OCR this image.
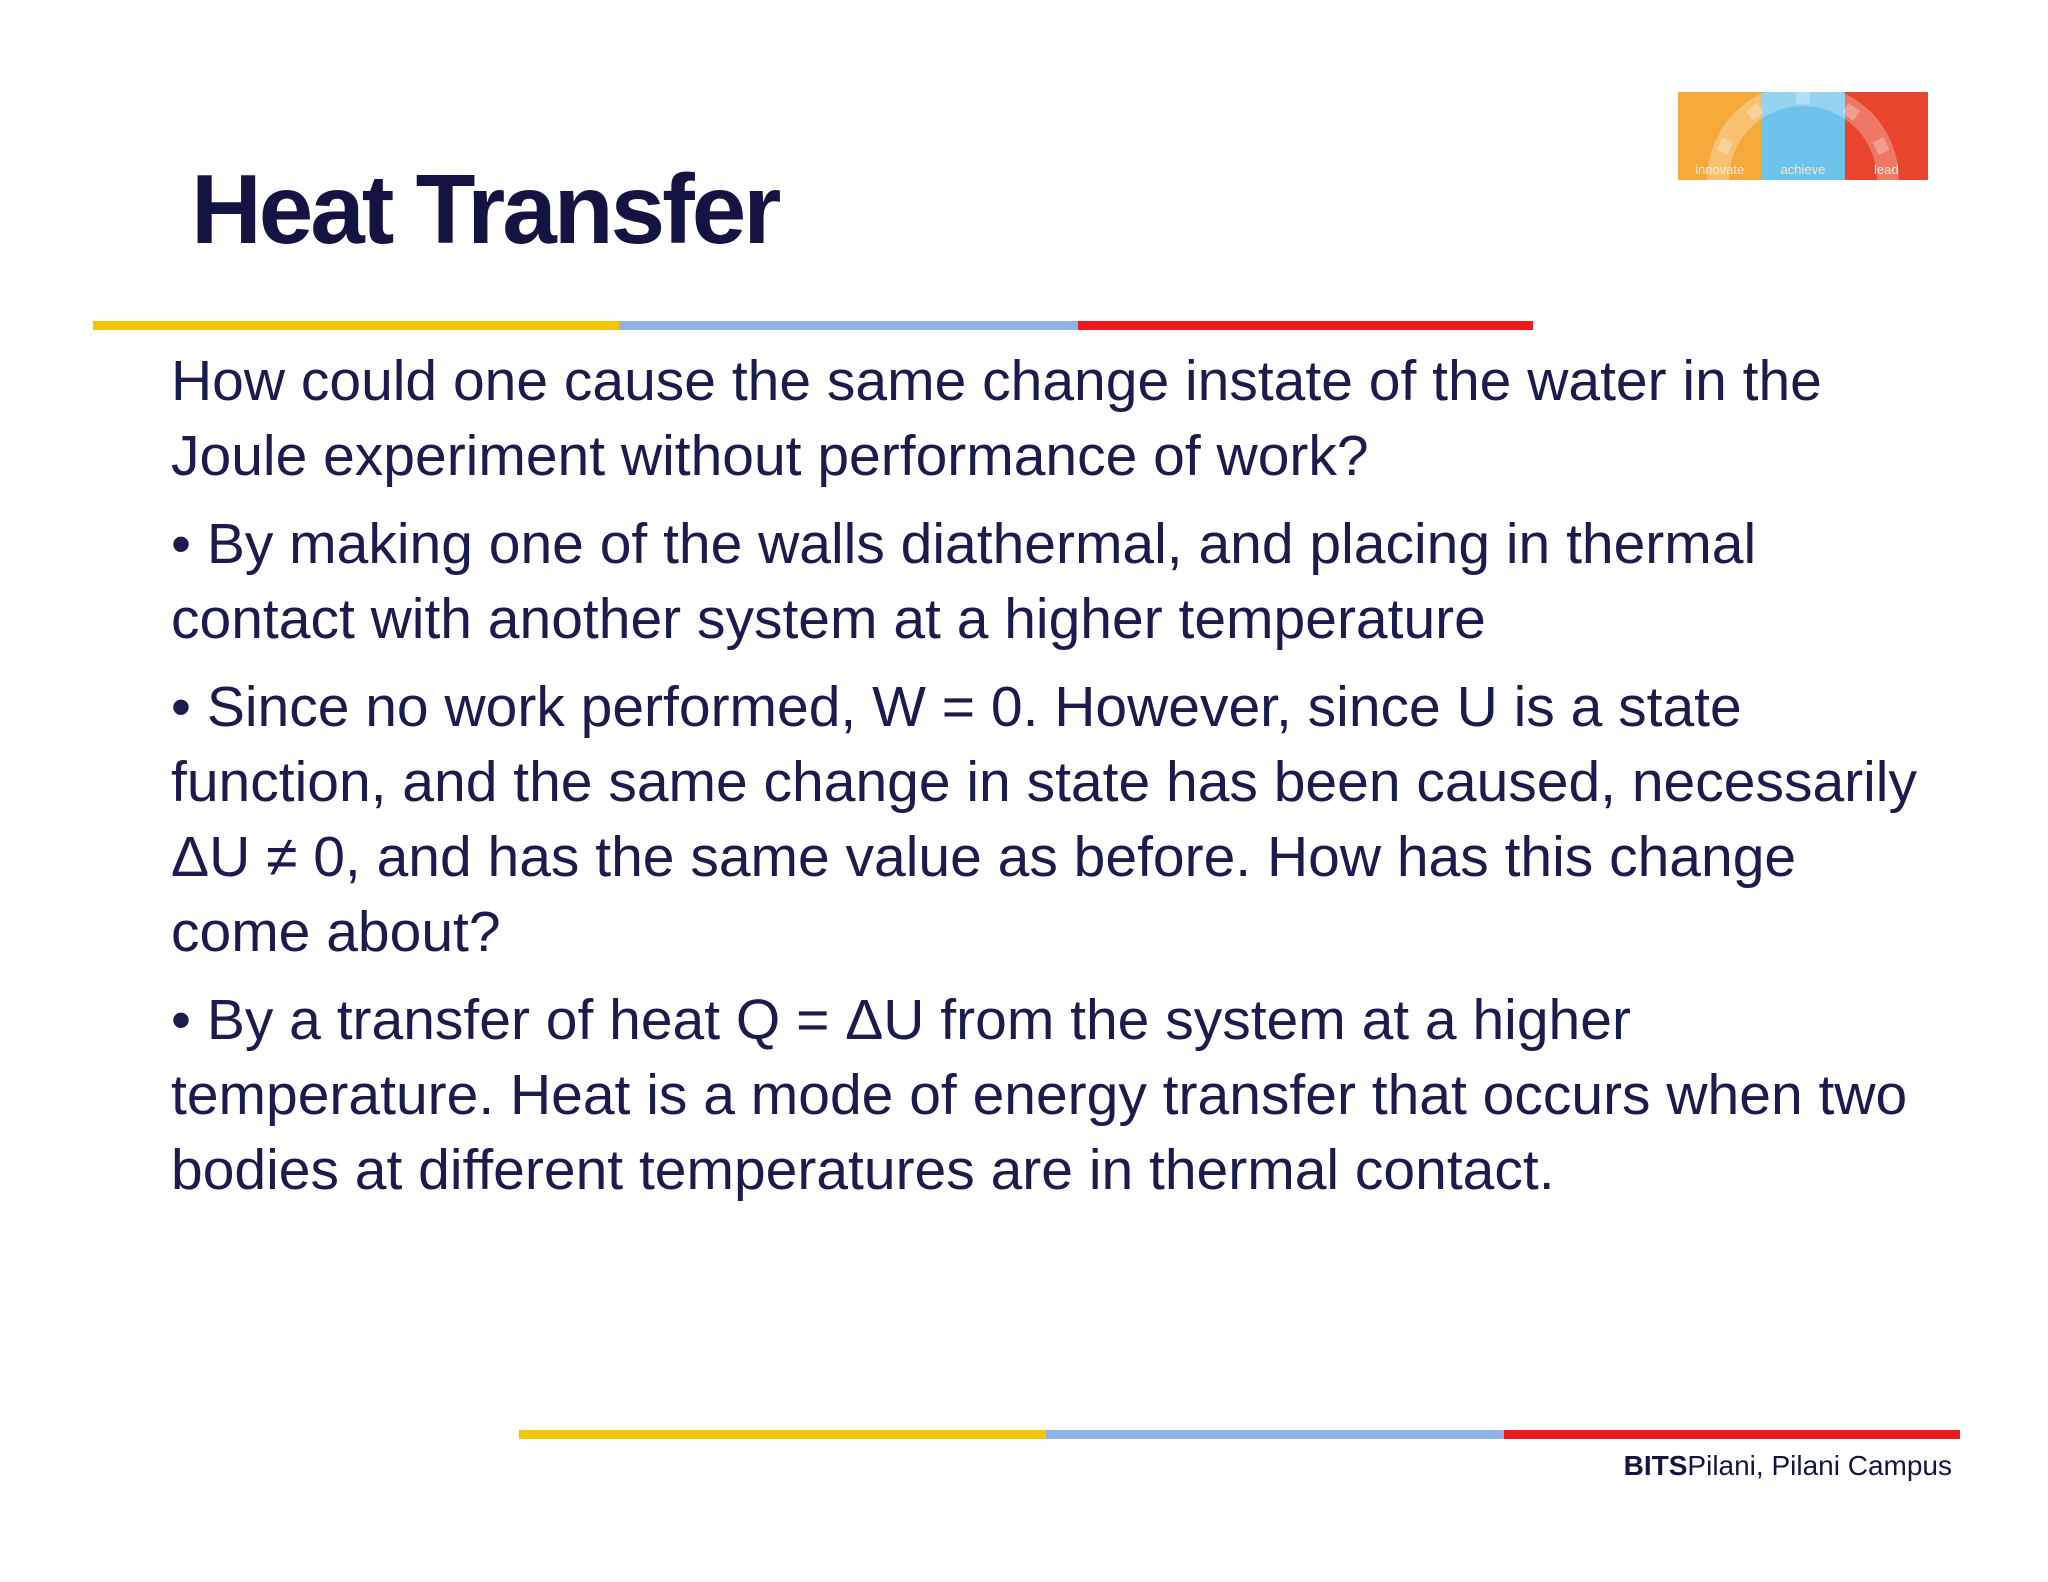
innovate	achieve	lead
Heat Transfer

How could one cause the same change instate of the water in the Joule experiment without performance of work?

• By making one of the walls diathermal, and placing in thermal contact with another system at a higher temperature

• Since no work performed, W = 0. However, since U is a state function, and the same change in state has been caused, necessarily ΔU ≠ 0, and has the same value as before. How has this change come about?

• By a transfer of heat Q = ΔU from the system at a higher temperature. Heat is a mode of energy transfer that occurs when two bodies at different temperatures are in thermal contact.

BITSPilani, Pilani Campus
